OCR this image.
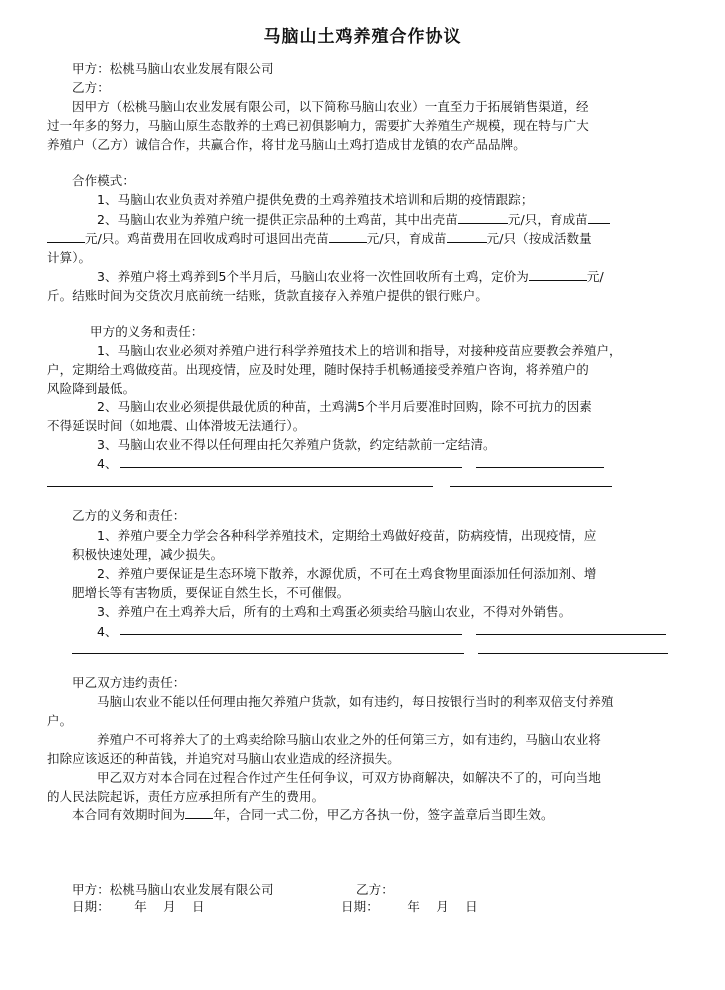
马脑山土鸡养殖合作协议
甲方：松桃马脑山农业发展有限公司
乙方：
因甲方（松桃马脑山农业发展有限公司，以下简称马脑山农业）一直至力于拓展销售渠道，经
过一年多的努力，马脑山原生态散养的土鸡已初俱影响力，需要扩大养殖生产规模，现在特与广大
养殖户（乙方）诚信合作，共赢合作，将甘龙马脑山土鸡打造成甘龙镇的农产品品牌。
合作模式：
1、马脑山农业负责对养殖户提供免费的土鸡养殖技术培训和后期的疫情跟踪；
2、马脑山农业为养殖户统一提供正宗品种的土鸡苗，其中出壳苗	元/只，育成苗
元/只。鸡苗费用在回收成鸡时可退回出壳苗	元/只，育成苗	元/只（按成活数量
计算）。
3、养殖户将土鸡养到5个半月后，马脑山农业将一次性回收所有土鸡，定价为	元/
斤。结账时间为交货次月底前统一结账，货款直接存入养殖户提供的银行账户。
甲方的义务和责任：
1、马脑山农业必须对养殖户进行科学养殖技术上的培训和指导，对接种疫苗应要教会养殖户，
户，定期给土鸡做疫苗。出现疫情，应及时处理，随时保持手机畅通接受养殖户咨询，将养殖户的
风险降到最低。
2、马脑山农业必须提供最优质的种苗，土鸡满5个半月后要准时回购，除不可抗力的因素
不得延误时间（如地震、山体滑坡无法通行）。
3、马脑山农业不得以任何理由托欠养殖户货款，约定结款前一定结清。
4、
乙方的义务和责任：
1、养殖户要全力学会各种科学养殖技术，定期给土鸡做好疫苗，防病疫情，出现疫情，应
积极快速处理，减少损失。
2、养殖户要保证是生态环境下散养，水源优质，不可在土鸡食物里面添加任何添加剂、增
肥增长等有害物质，要保证自然生长，不可催假。
3、养殖户在土鸡养大后，所有的土鸡和土鸡蛋必须卖给马脑山农业，不得对外销售。
4、
甲乙双方违约责任：
马脑山农业不能以任何理由拖欠养殖户货款，如有违约，每日按银行当时的利率双倍支付养殖
户。
养殖户不可将养大了的土鸡卖给除马脑山农业之外的任何第三方，如有违约，马脑山农业将
扣除应该返还的种苗钱，并追究对马脑山农业造成的经济损失。
甲乙双方对本合同在过程合作过产生任何争议，可双方协商解决，如解决不了的，可向当地
的人民法院起诉，责任方应承担所有产生的费用。
本合同有效期时间为 年，合同一式二份，甲乙方各执一份，签字盖章后当即生效。
甲方：松桃马脑山农业发展有限公司	乙方：
日期：      年    月    日	日期：       年    月    日
